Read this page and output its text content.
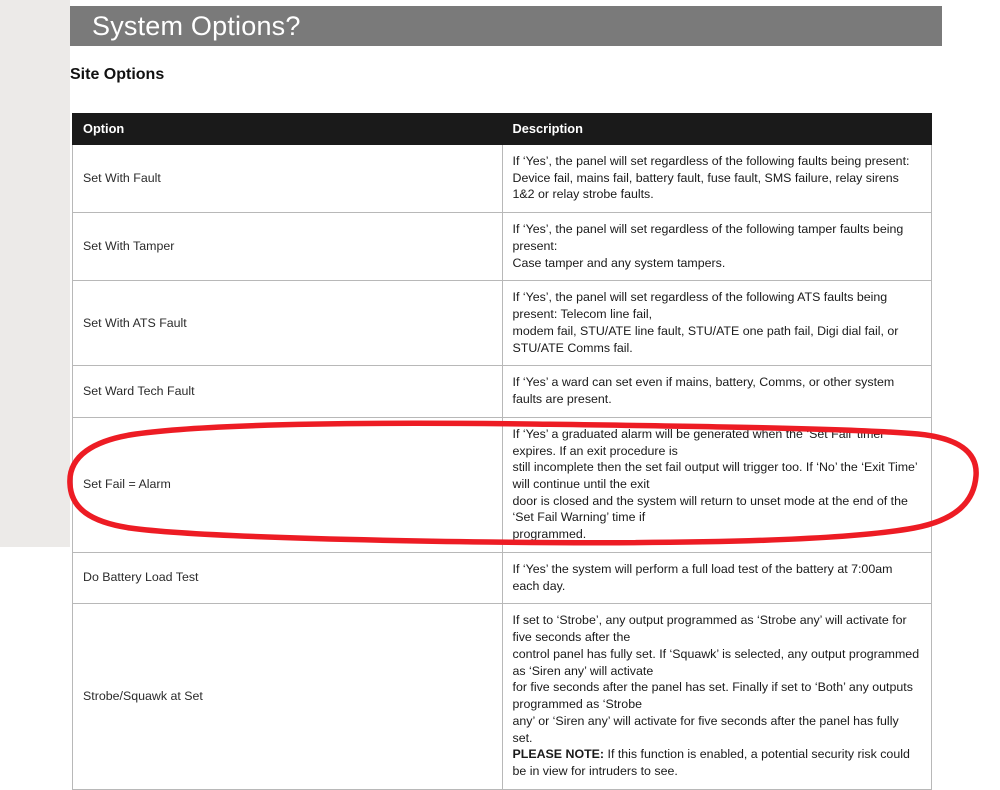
System Options?
Site Options
Option	Description
Set With Fault	If ‘Yes’, the panel will set regardless of the following faults being present:
Device fail, mains fail, battery fault, fuse fault, SMS failure, relay sirens 1&2 or relay strobe faults.

Set With Tamper	If ‘Yes’, the panel will set regardless of the following tamper faults being present:
Case tamper and any system tampers.

Set With ATS Fault	If ‘Yes’, the panel will set regardless of the following ATS faults being present: Telecom line fail,
modem fail, STU/ATE line fault, STU/ATE one path fail, Digi dial fail, or STU/ATE Comms fail.

Set Ward Tech Fault	If ‘Yes’ a ward can set even if mains, battery, Comms, or other system faults are present.

Set Fail = Alarm	If ‘Yes’ a graduated alarm will be generated when the ‘Set Fail’ timer expires. If an exit procedure is
still incomplete then the set fail output will trigger too. If ‘No’ the ‘Exit Time’ will continue until the exit
door is closed and the system will return to unset mode at the end of the ‘Set Fail Warning’ time if
programmed.

Do Battery Load Test	If ‘Yes’ the system will perform a full load test of the battery at 7:00am each day.

Strobe/Squawk at Set	If set to ‘Strobe’, any output programmed as ‘Strobe any’ will activate for five seconds after the
control panel has fully set. If ‘Squawk’ is selected, any output programmed as ‘Siren any’ will activate
for five seconds after the panel has set. Finally if set to ‘Both’ any outputs programmed as ‘Strobe
any’ or ‘Siren any’ will activate for five seconds after the panel has fully set.
PLEASE NOTE: If this function is enabled, a potential security risk could be in view for intruders to see.
